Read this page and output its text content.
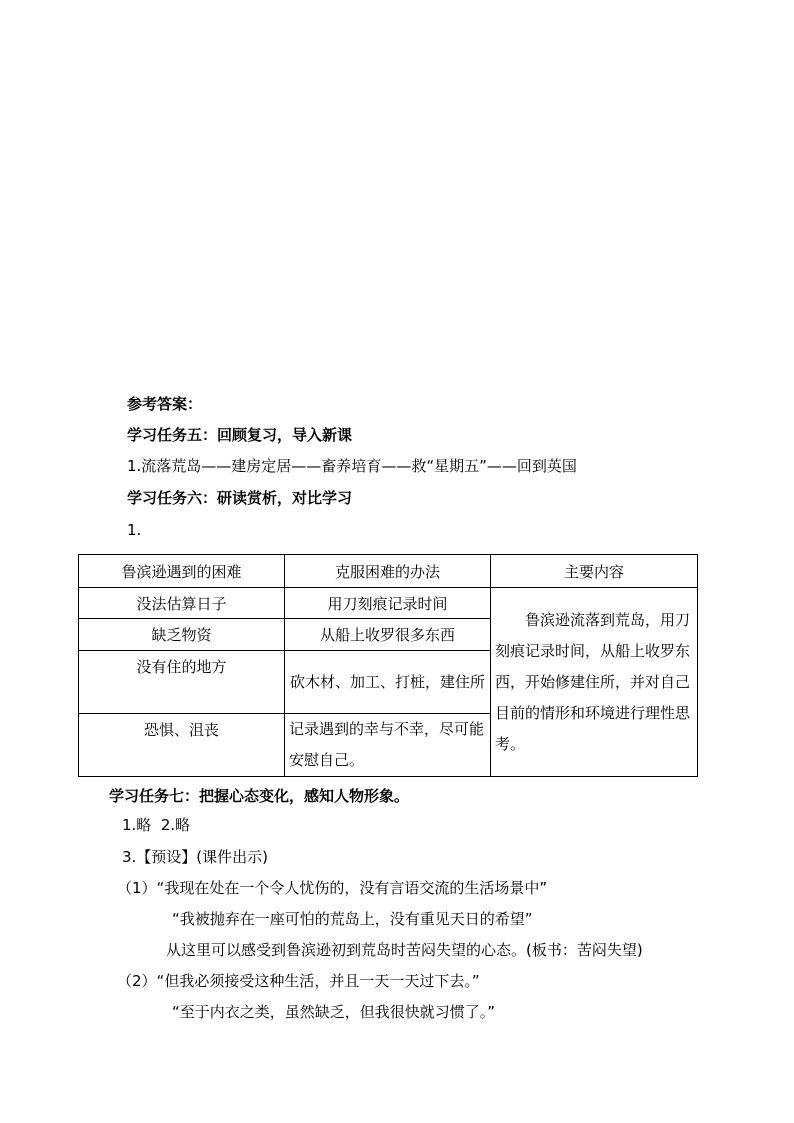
参考答案：
学习任务五：回顾复习，导入新课
1.流落荒岛——建房定居——畜养培育——救“星期五”——回到英国
学习任务六：研读赏析，对比学习
1.
鲁滨逊遇到的困难	克服困难的办法	主要内容
没法估算日子	用刀刻痕记录时间	鲁滨逊流落到荒岛，用刀刻痕记录时间，从船上收罗东西，开始修建住所，并对自己目前的情形和环境进行理性思考。
缺乏物资	从船上收罗很多东西	
没有住的地方	砍木材、加工、打桩，建住所	
恐惧、沮丧	记录遇到的幸与不幸，尽可能安慰自己。	
学习任务七：把握心态变化，感知人物形象。
1.略  2.略
3.【预设】(课件出示)
（1）“我现在处在一个令人忧伤的，没有言语交流的生活场景中”
“我被抛弃在一座可怕的荒岛上，没有重见天日的希望”
从这里可以感受到鲁滨逊初到荒岛时苦闷失望的心态。(板书：苦闷失望)
（2）“但我必须接受这种生活，并且一天一天过下去。”
“至于内衣之类，虽然缺乏，但我很快就习惯了。”
